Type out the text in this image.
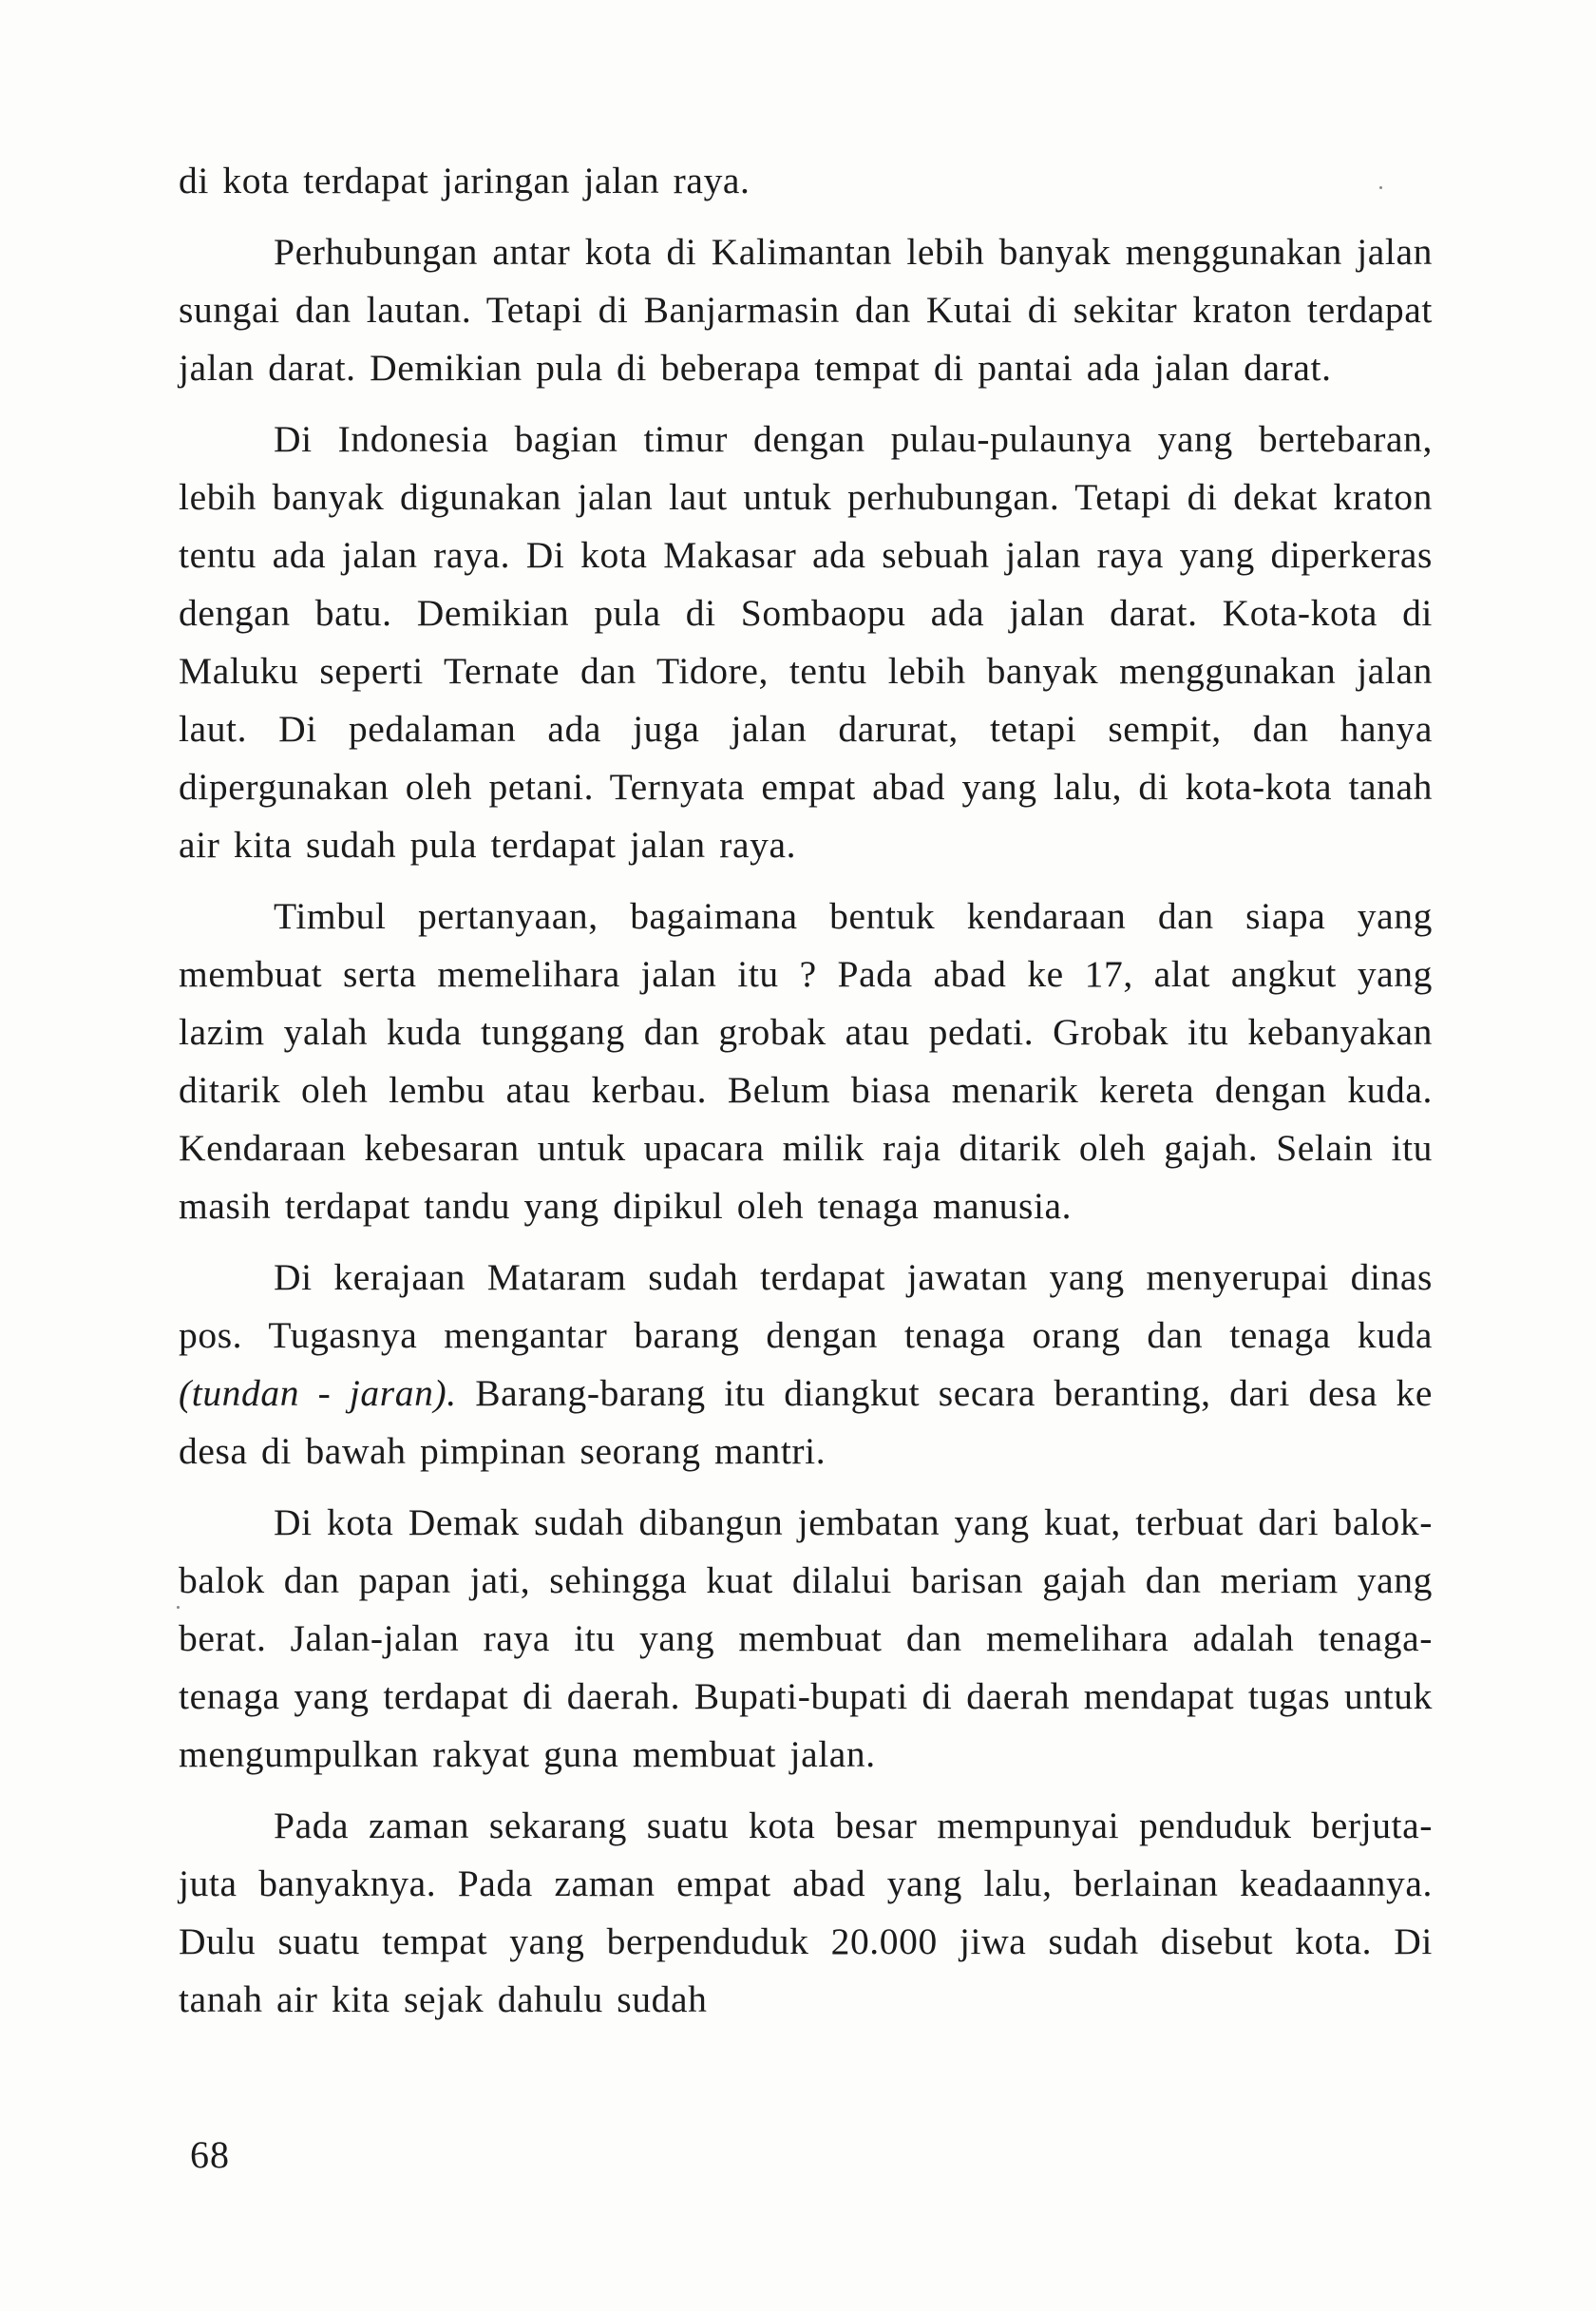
di kota terdapat jaringan jalan raya.

Perhubungan antar kota di Kalimantan lebih banyak menggunakan jalan sungai dan lautan. Tetapi di Banjarmasin dan Kutai di sekitar kraton terdapat jalan darat. Demikian pula di beberapa tempat di pantai ada jalan darat.

Di Indonesia bagian timur dengan pulau-pulaunya yang bertebaran, lebih banyak digunakan jalan laut untuk perhubungan. Tetapi di dekat kraton tentu ada jalan raya. Di kota Makasar ada sebuah jalan raya yang diperkeras dengan batu. Demikian pula di Sombaopu ada jalan darat. Kota-kota di Maluku seperti Ternate dan Tidore, tentu lebih banyak menggunakan jalan laut. Di pedalaman ada juga jalan darurat, tetapi sempit, dan hanya dipergunakan oleh petani. Ternyata empat abad yang lalu, di kota-kota tanah air kita sudah pula terdapat jalan raya.

Timbul pertanyaan, bagaimana bentuk kendaraan dan siapa yang membuat serta memelihara jalan itu ? Pada abad ke 17, alat angkut yang lazim yalah kuda tunggang dan grobak atau pedati. Grobak itu kebanyakan ditarik oleh lembu atau kerbau. Belum biasa menarik kereta dengan kuda. Kendaraan kebesaran untuk upacara milik raja ditarik oleh gajah. Selain itu masih terdapat tandu yang dipikul oleh tenaga manusia.

Di kerajaan Mataram sudah terdapat jawatan yang menyerupai dinas pos. Tugasnya mengantar barang dengan tenaga orang dan tenaga kuda (tundan - jaran). Barang-barang itu diangkut secara beranting, dari desa ke desa di bawah pimpinan seorang mantri.

Di kota Demak sudah dibangun jembatan yang kuat, terbuat dari balok-balok dan papan jati, sehingga kuat dilalui barisan gajah dan meriam yang berat. Jalan-jalan raya itu yang membuat dan memelihara adalah tenaga-tenaga yang terdapat di daerah. Bupati-bupati di daerah mendapat tugas untuk mengumpulkan rakyat guna membuat jalan.

Pada zaman sekarang suatu kota besar mempunyai penduduk berjuta-juta banyaknya. Pada zaman empat abad yang lalu, berlainan keadaannya. Dulu suatu tempat yang berpenduduk 20.000 jiwa sudah disebut kota. Di tanah air kita sejak dahulu sudah

68
